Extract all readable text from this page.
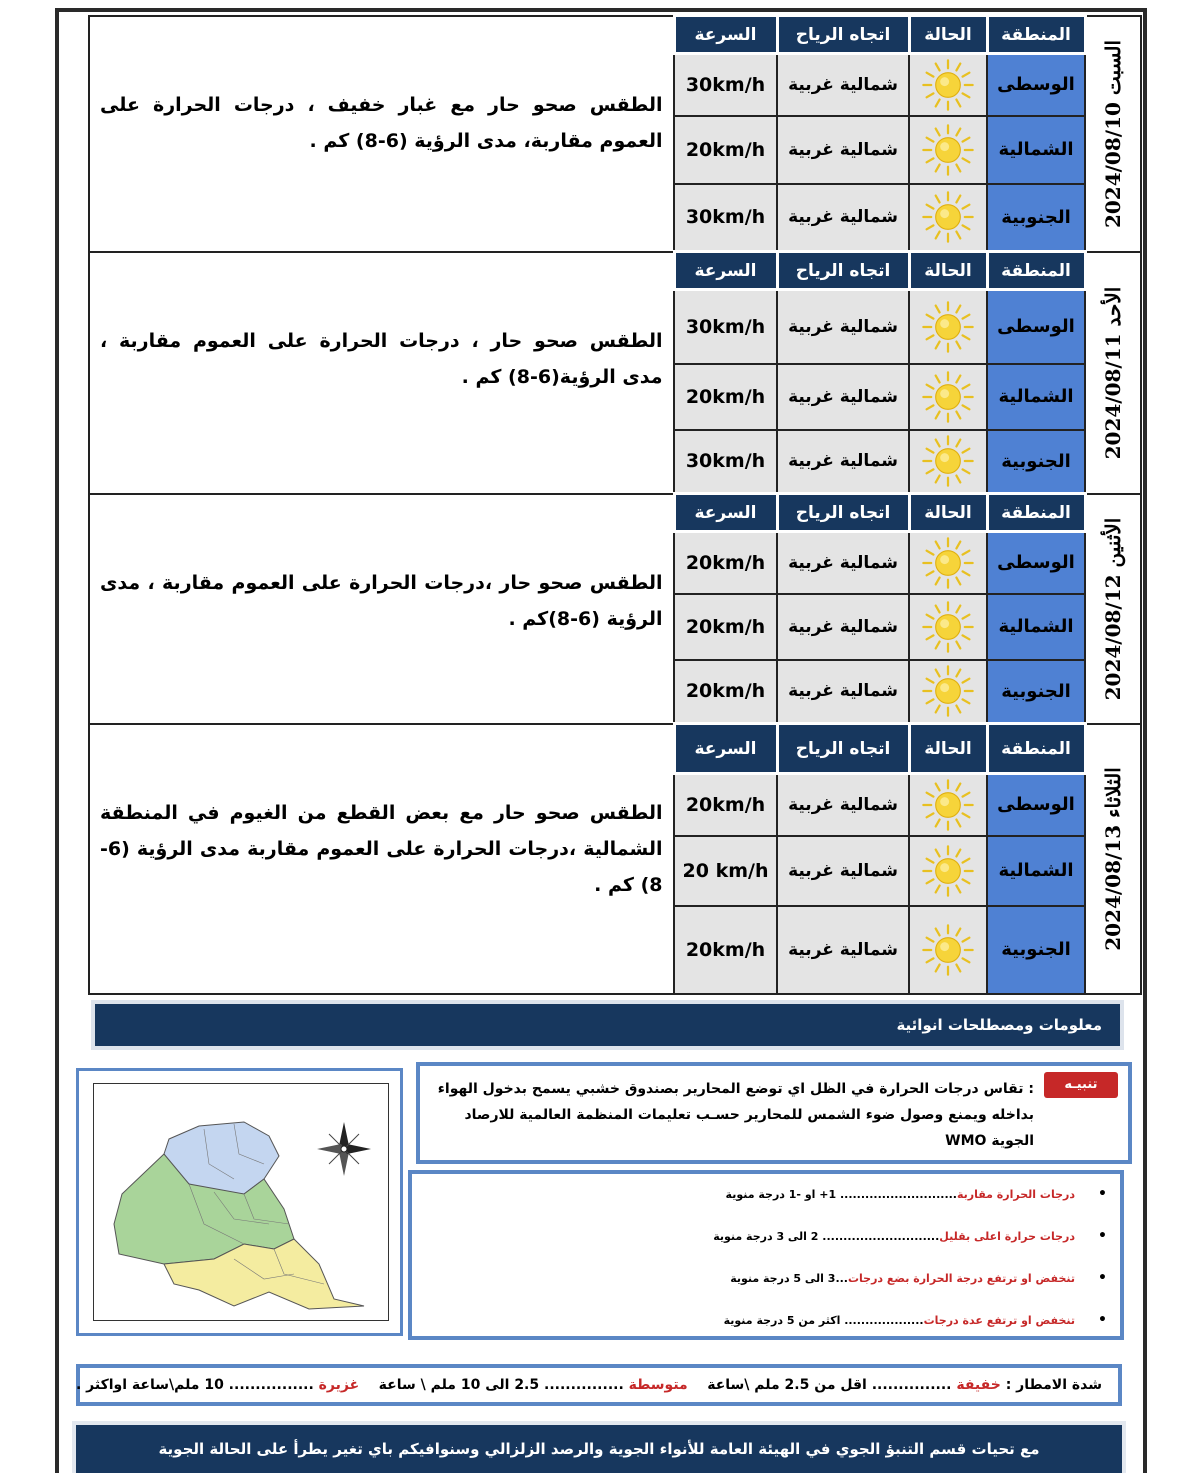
الطقس صحو حار مع غبار خفيف ، درجات الحرارة على العموم مقاربة، مدى الرؤية (6-8) كم .	السرعة	اتجاه الرياح	الحالة	المنطقة	السبت 2024/08/10

	30km/h	شمالية غربية		الوسطى	
	20km/h	شمالية غربية		الشمالية	
	30km/h	شمالية غربية		الجنوبية	
الطقس صحو حار ، درجات الحرارة على العموم مقاربة ، مدى الرؤية(6-8) كم .	السرعة	اتجاه الرياح	الحالة	المنطقة	الأحد 2024/08/11

	30km/h	شمالية غربية		الوسطى	
	20km/h	شمالية غربية		الشمالية	
	30km/h	شمالية غربية		الجنوبية	
الطقس صحو حار ،درجات الحرارة على العموم مقاربة ، مدى الرؤية (6-8)كم .	السرعة	اتجاه الرياح	الحالة	المنطقة	الأثنين 2024/08/12

	20km/h	شمالية غربية		الوسطى	
	20km/h	شمالية غربية		الشمالية	
	20km/h	شمالية غربية		الجنوبية	
الطقس صحو حار مع بعض القطع من الغيوم في المنطقة الشمالية ،درجات الحرارة على العموم مقاربة مدى الرؤية (6-8) كم .	السرعة	اتجاه الرياح	الحالة	المنطقة	الثلاثاء 2024/08/13

	20km/h	شمالية غربية		الوسطى	
	20 km/h	شمالية غربية		الشمالية	
	20km/h	شمالية غربية		الجنوبية	
معلومات ومصطلحات انوائية
تنبيـه
: تقاس درجات الحرارة في الظل اي توضع المحارير بصندوق خشبي يسمح بدخول الهواء بداخله ويمنع وصول ضوء الشمس للمحارير حسـب تعليمات المنظمة العالمية للارصاد الجوية WMO
•
درجات الحرارة مقاربة............................ 1+ او -1 درجة منوية
•
درجات حرارة اعلى بقليل............................ 2 الى 3 درجة منوية
•
تنخفض او ترتفع درجة الحرارة بضع درجات...3 الى 5 درجة منوية
•
تنخفض او ترتفع عدة درجات................... اكثر من 5 درجة منوية
شدة الامطار : خفيفة ............... اقل من 2.5 ملم \ساعة    متوسطة ............... 2.5 الى 10 ملم \ ساعة    غزيرة ................ 10 ملم\ساعة اواكثر .
مع تحيات قسم التنبؤ الجوي في الهيئة العامة للأنواء الجوية والرصد الزلزالي وسنوافيكم باي تغير يطرأ على الحالة الجوية
